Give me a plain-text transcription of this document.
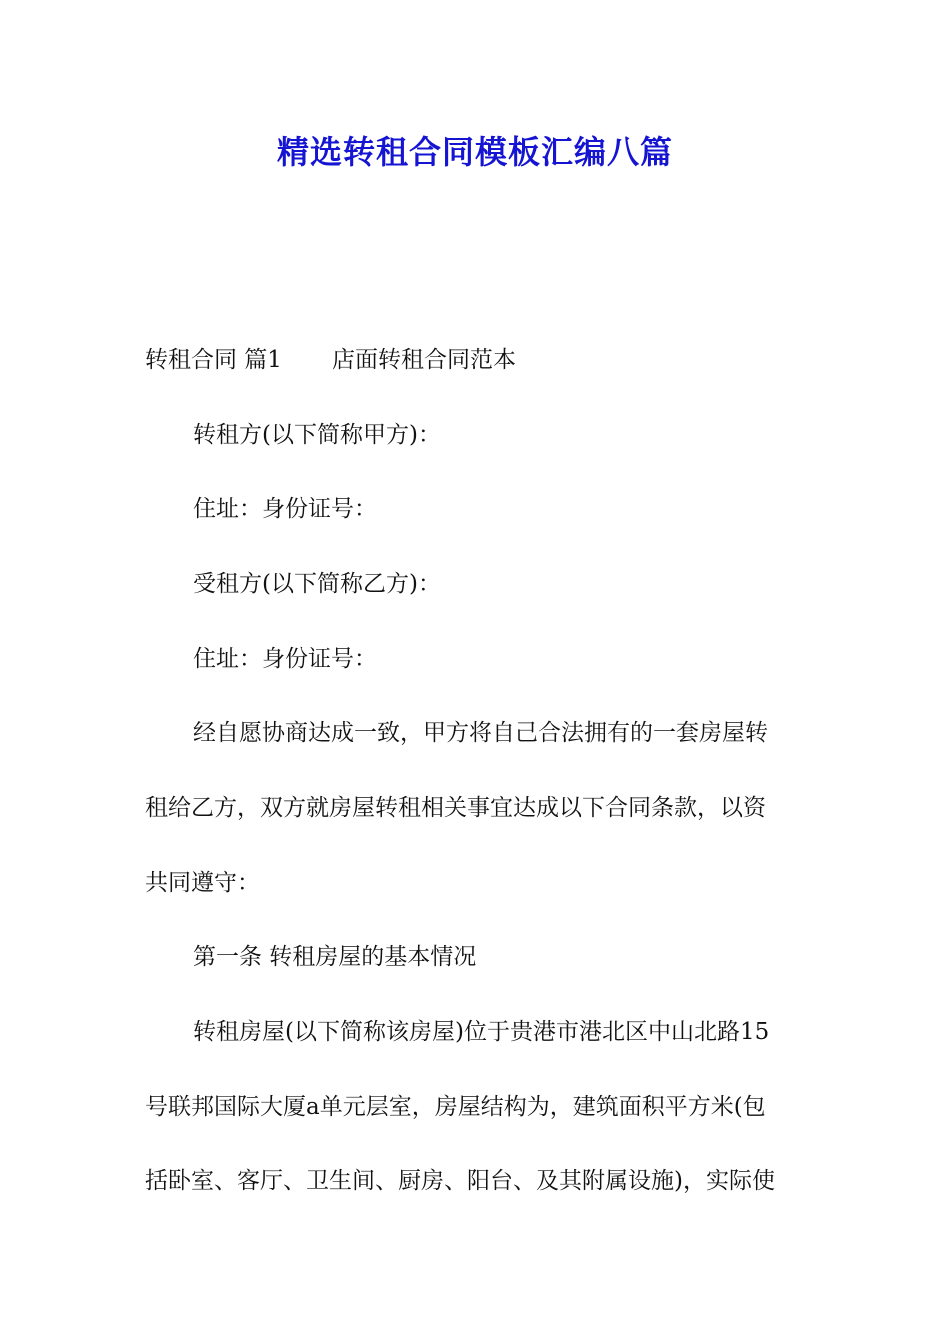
精选转租合同模板汇编八篇
转租合同 篇1 店面转租合同范本
转租方(以下简称甲方)：
住址：身份证号：
受租方(以下简称乙方)：
住址：身份证号：
经自愿协商达成一致，甲方将自己合法拥有的一套房屋转
租给乙方，双方就房屋转租相关事宜达成以下合同条款，以资
共同遵守：
第一条 转租房屋的基本情况
转租房屋(以下简称该房屋)位于贵港市港北区中山北路15
号联邦国际大厦a单元层室，房屋结构为，建筑面积平方米(包
括卧室、客厅、卫生间、厨房、阳台、及其附属设施)，实际使
